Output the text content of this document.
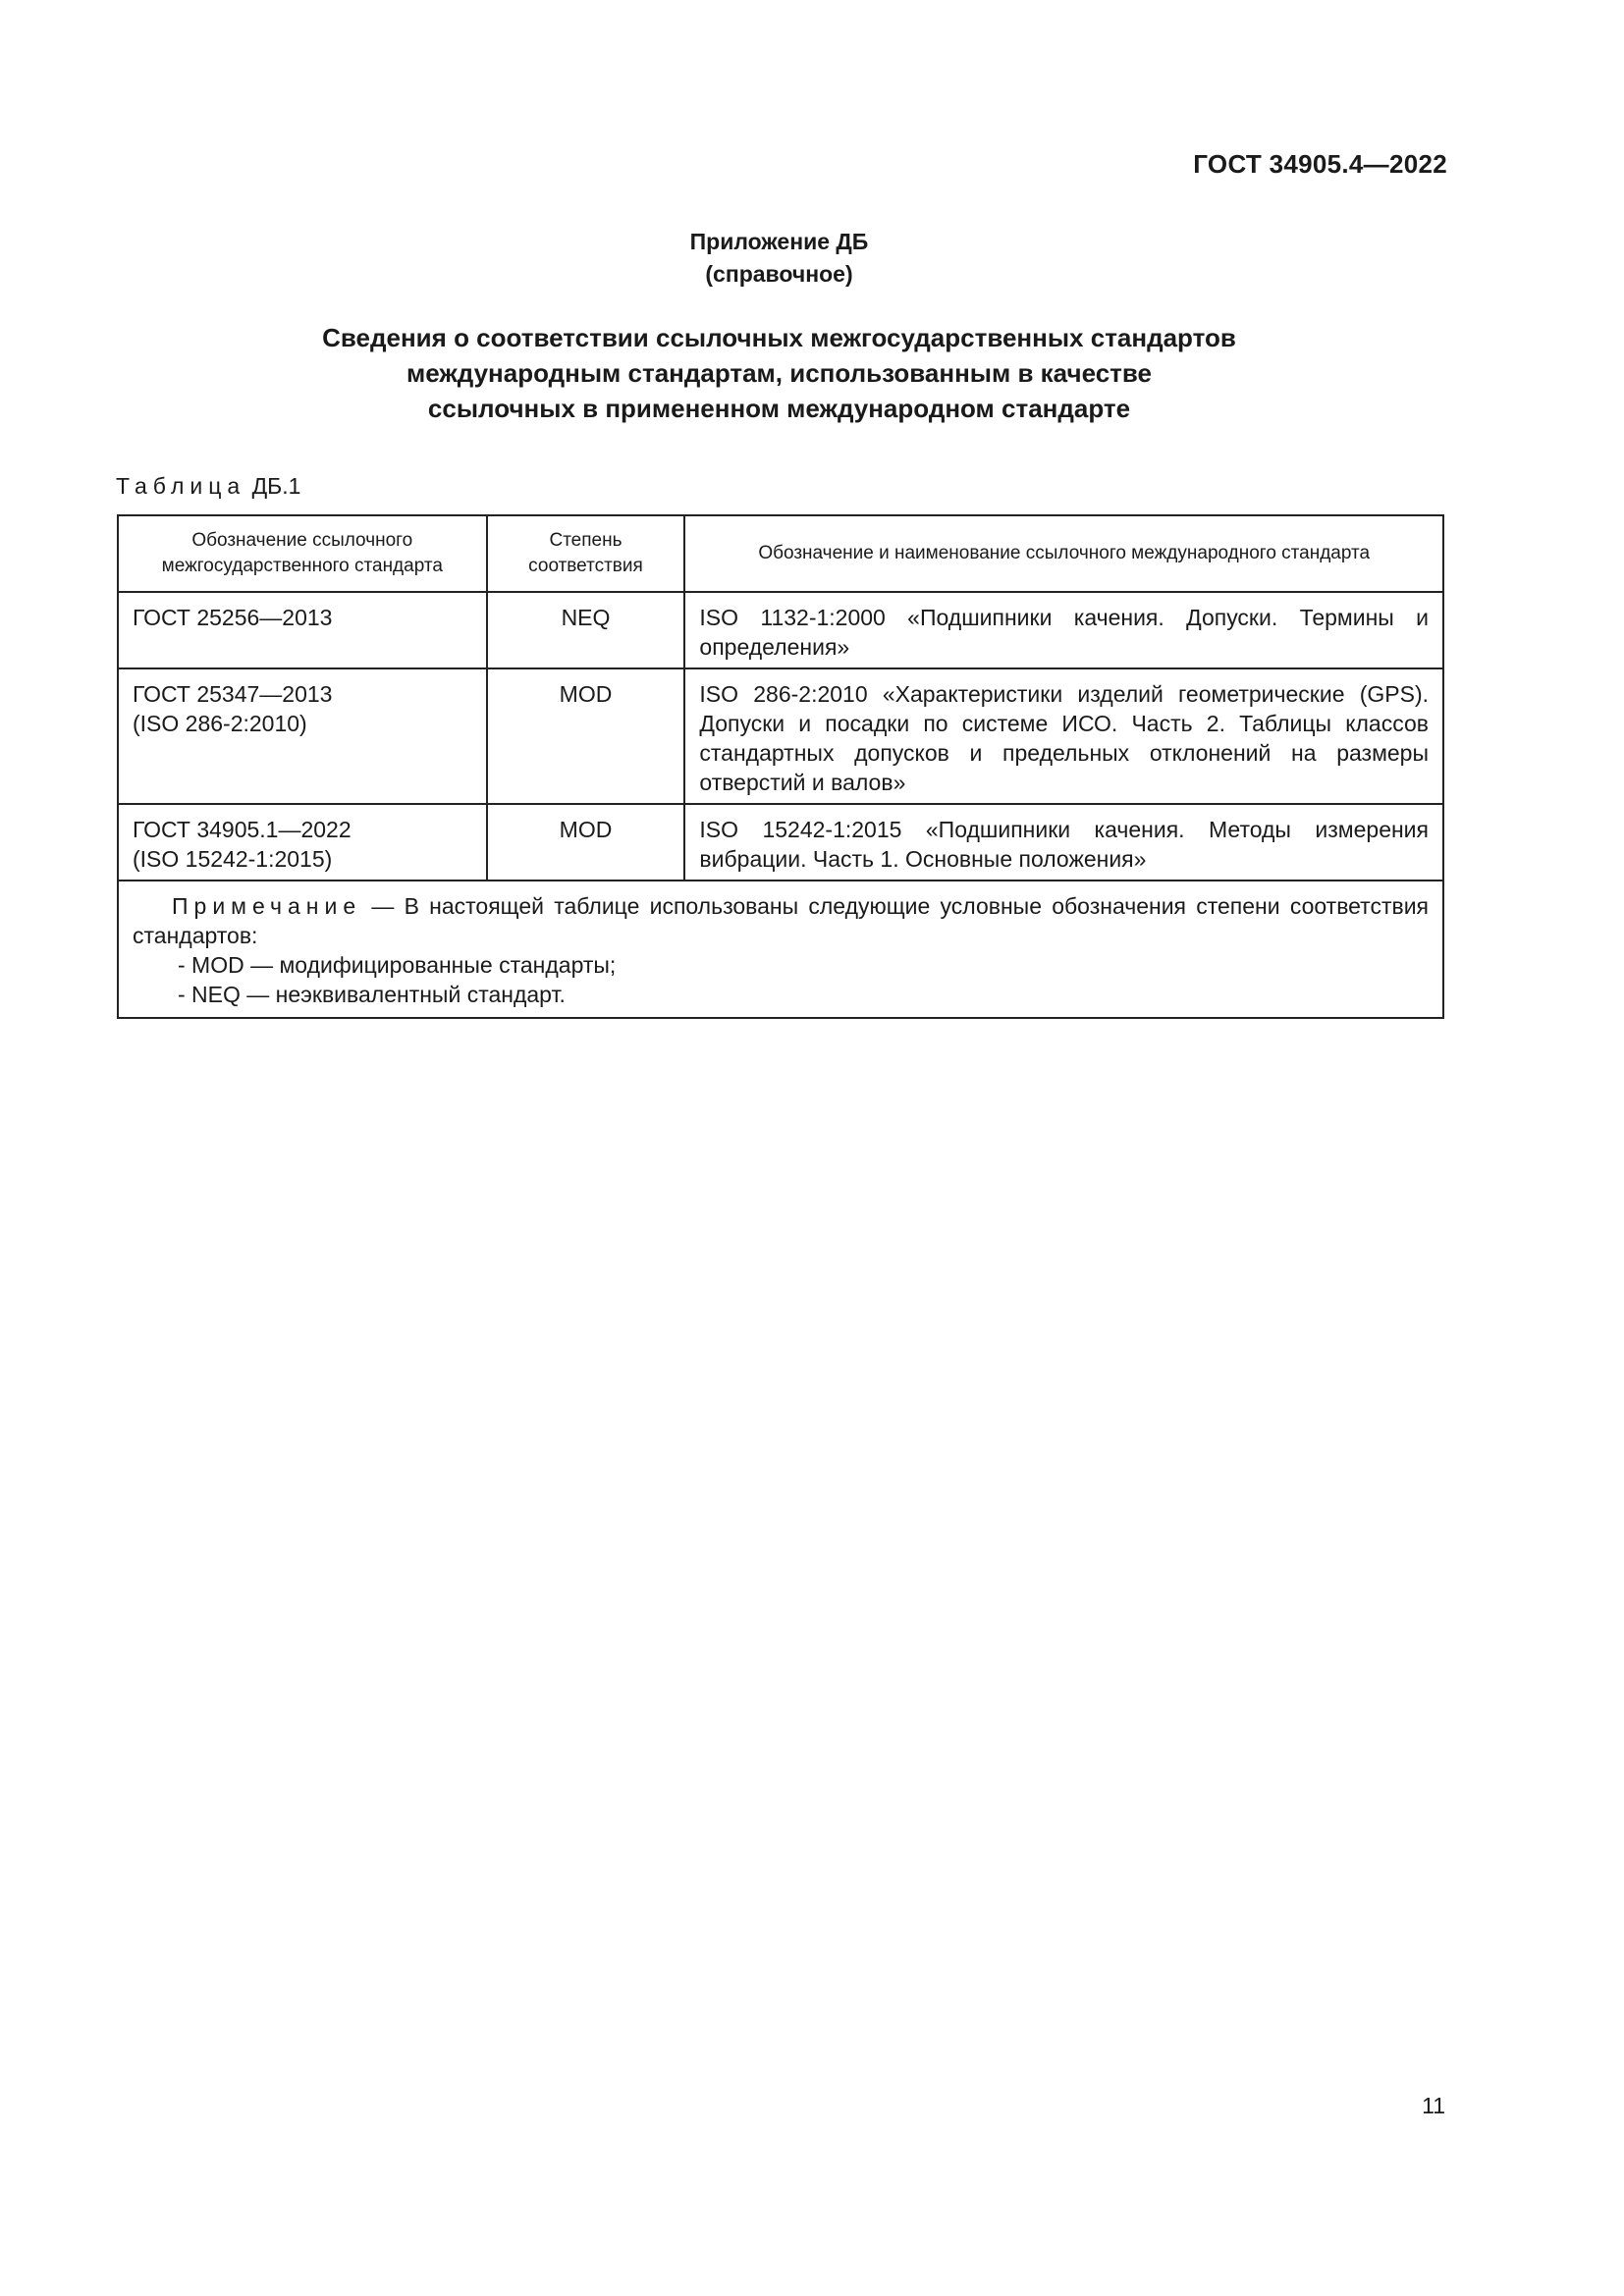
ГОСТ 34905.4—2022
Приложение ДБ
(справочное)
Сведения о соответствии ссылочных межгосударственных стандартов
международным стандартам, использованным в качестве
ссылочных в примененном международном стандарте
Таблица ДБ.1
Обозначение ссылочного межгосударственного стандарта	Степень соответствия	Обозначение и наименование ссылочного международного стандарта

ГОСТ 25256—2013	NEQ	ISO 1132-1:2000 «Подшипники качения. Допуски. Термины и определения»

ГОСТ 25347—2013
(ISO 286-2:2010)	MOD	ISO 286-2:2010 «Характеристики изделий геометрические (GPS). Допуски и посадки по системе ИСО. Часть 2. Таблицы классов стандартных допусков и предельных отклонений на размеры отверстий и валов»

ГОСТ 34905.1—2022
(ISO 15242-1:2015)	MOD	ISO 15242-1:2015 «Подшипники качения. Методы измерения вибрации. Часть 1. Основные положения»

Примечание — В настоящей таблице использованы следующие условные обозначения степени соответствия стандартов:
- MOD — модифицированные стандарты;
- NEQ — неэквивалентный стандарт.		
11
